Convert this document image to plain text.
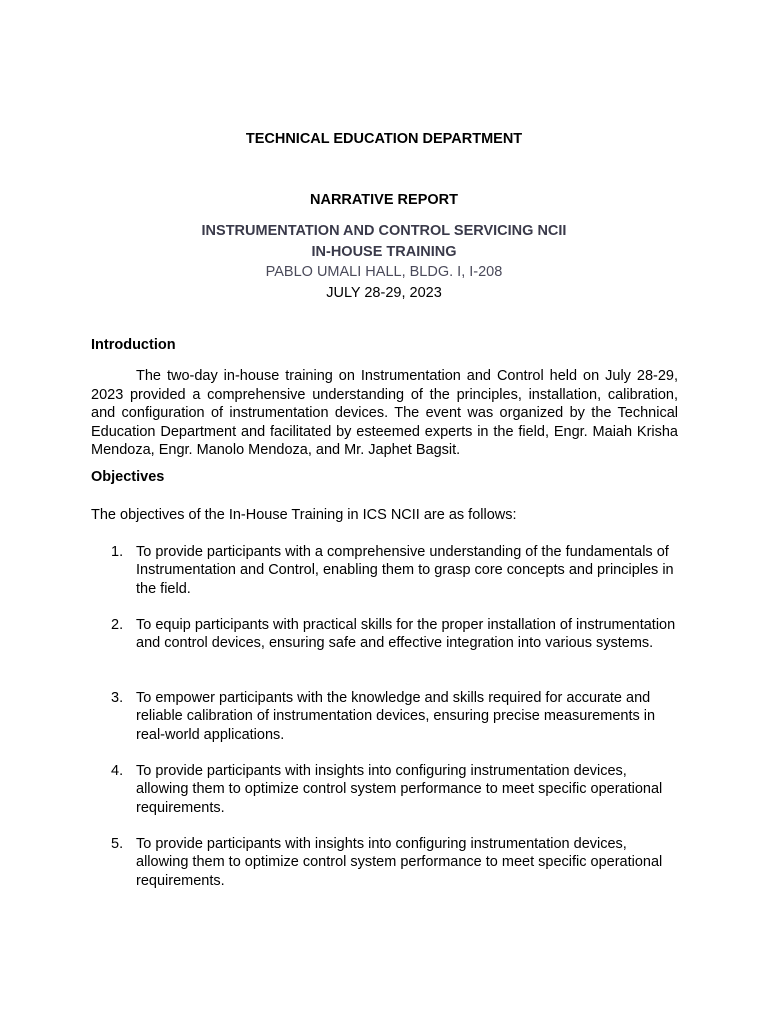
TECHNICAL EDUCATION DEPARTMENT

NARRATIVE REPORT

INSTRUMENTATION AND CONTROL SERVICING NCII

IN-HOUSE TRAINING

PABLO UMALI HALL, BLDG. I, I-208

JULY 28-29, 2023

Introduction

The two-day in-house training on Instrumentation and Control held on July 28-29, 2023 provided a comprehensive understanding of the principles, installation, calibration, and configuration of instrumentation devices. The event was organized by the Technical Education Department and facilitated by esteemed experts in the field, Engr. Maiah Krisha Mendoza, Engr. Manolo Mendoza, and Mr. Japhet Bagsit.

Objectives

The objectives of the In-House Training in ICS NCII are as follows:

1. To provide participants with a comprehensive understanding of the fundamentals of Instrumentation and Control, enabling them to grasp core concepts and principles in the field.
2. To equip participants with practical skills for the proper installation of instrumentation and control devices, ensuring safe and effective integration into various systems.
3. To empower participants with the knowledge and skills required for accurate and reliable calibration of instrumentation devices, ensuring precise measurements in real-world applications.
4. To provide participants with insights into configuring instrumentation devices, allowing them to optimize control system performance to meet specific operational requirements.
5. To provide participants with insights into configuring instrumentation devices, allowing them to optimize control system performance to meet specific operational requirements.
